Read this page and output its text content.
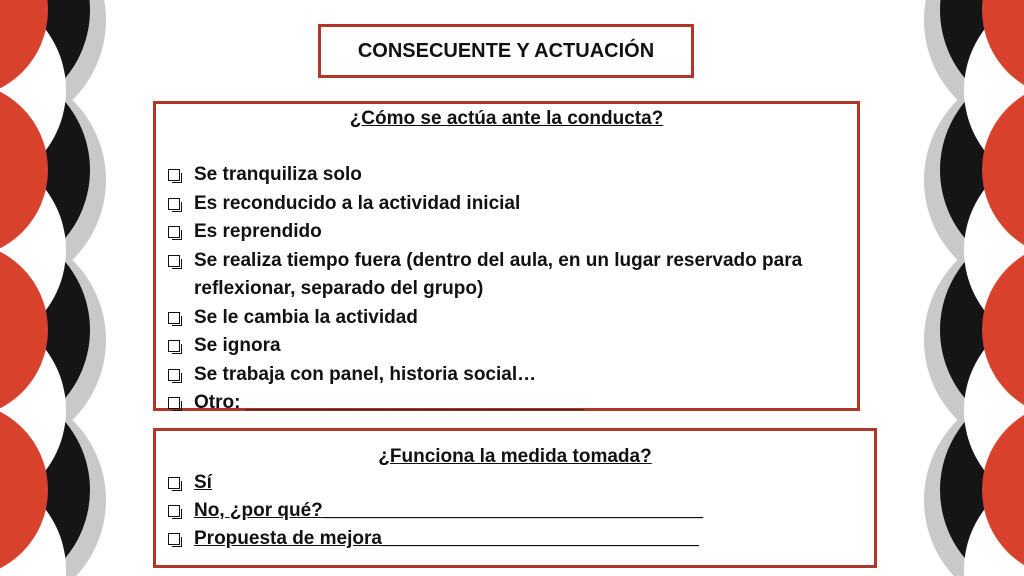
CONSECUENTE Y ACTUACIÓN
¿Cómo se actúa ante la conducta?
Se tranquiliza solo
Es reconducido a la actividad inicial
Es reprendido
Se realiza tiempo fuera (dentro del aula, en un lugar reservado para reflexionar, separado del grupo)
Se le cambia la actividad
Se ignora
Se trabaja con panel, historia social…
Otro: ________________________________
¿Funciona la medida tomada?
Sí
No, ¿por qué?____________________________________
Propuesta de mejora______________________________
